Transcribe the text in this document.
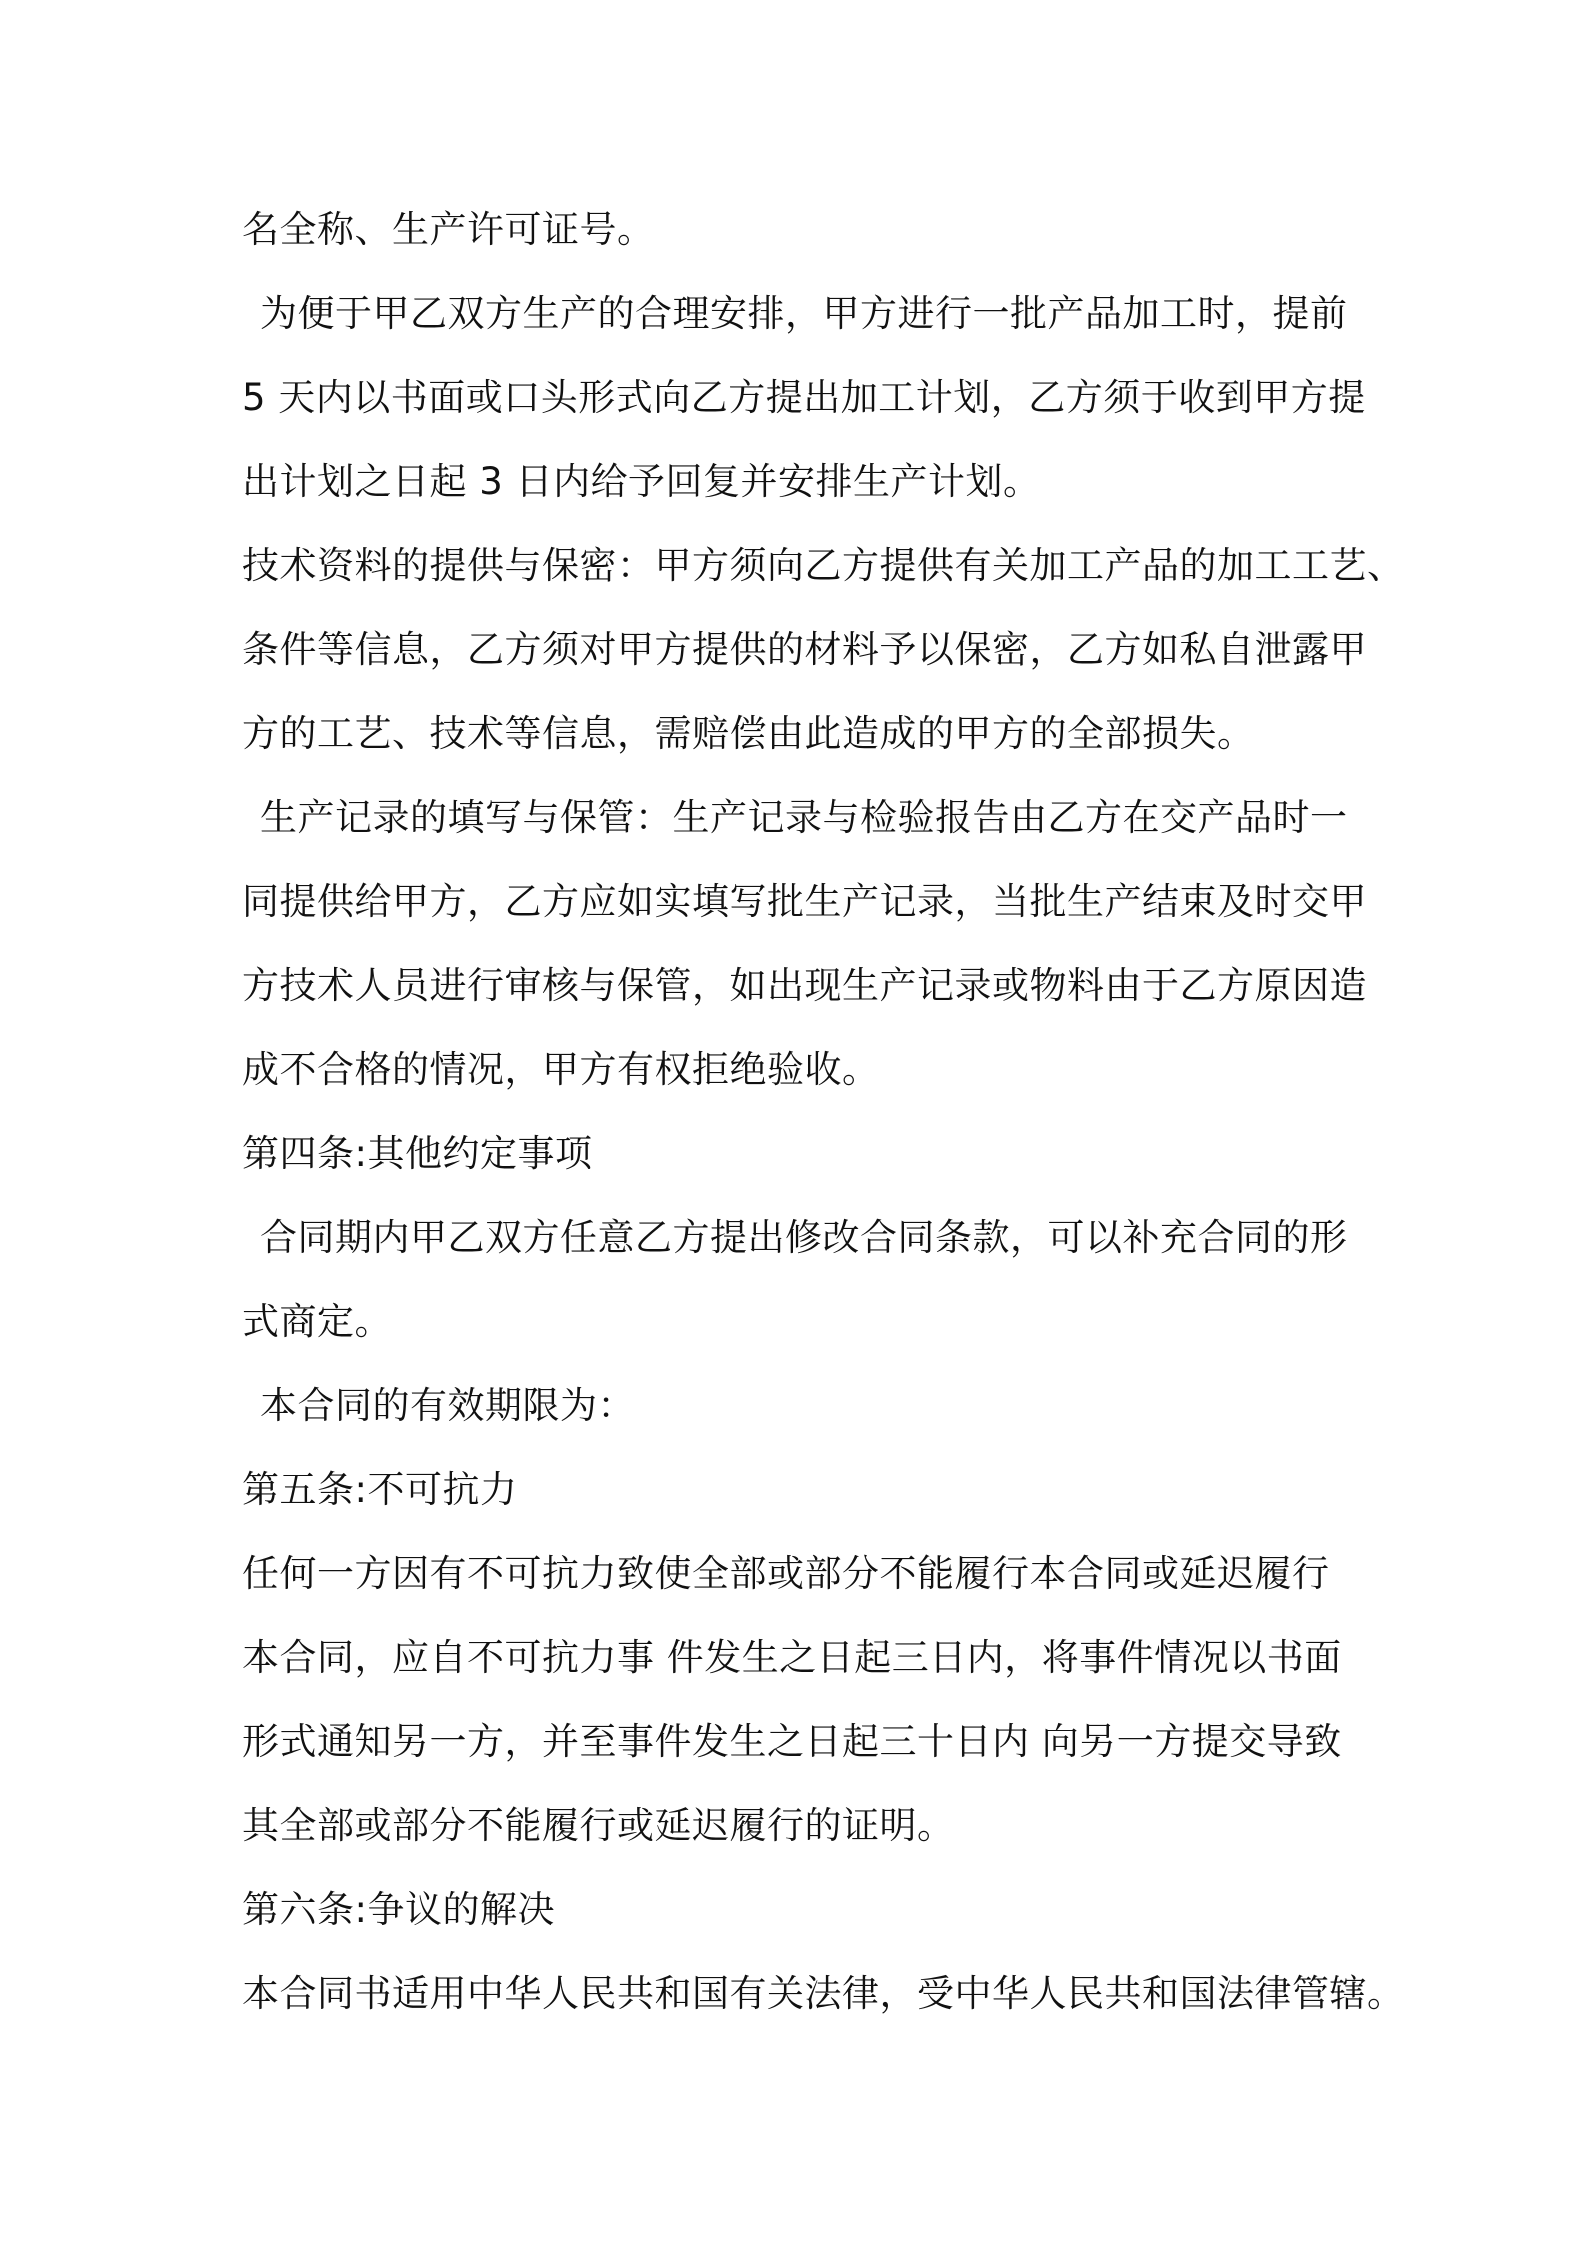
名全称、生产许可证号。
为便于甲乙双方生产的合理安排，甲方进行一批产品加工时，提前
5 天内以书面或口头形式向乙方提出加工计划，乙方须于收到甲方提
出计划之日起 3 日内给予回复并安排生产计划。
技术资料的提供与保密：甲方须向乙方提供有关加工产品的加工工艺、
条件等信息，乙方须对甲方提供的材料予以保密，乙方如私自泄露甲
方的工艺、技术等信息，需赔偿由此造成的甲方的全部损失。
生产记录的填写与保管：生产记录与检验报告由乙方在交产品时一
同提供给甲方，乙方应如实填写批生产记录，当批生产结束及时交甲
方技术人员进行审核与保管，如出现生产记录或物料由于乙方原因造
成不合格的情况，甲方有权拒绝验收。
第四条:其他约定事项
合同期内甲乙双方任意乙方提出修改合同条款，可以补充合同的形
式商定。
本合同的有效期限为：
第五条:不可抗力
任何一方因有不可抗力致使全部或部分不能履行本合同或延迟履行
本合同，应自不可抗力事 件发生之日起三日内，将事件情况以书面
形式通知另一方，并至事件发生之日起三十日内 向另一方提交导致
其全部或部分不能履行或延迟履行的证明。
第六条:争议的解决
本合同书适用中华人民共和国有关法律，受中华人民共和国法律管辖。
